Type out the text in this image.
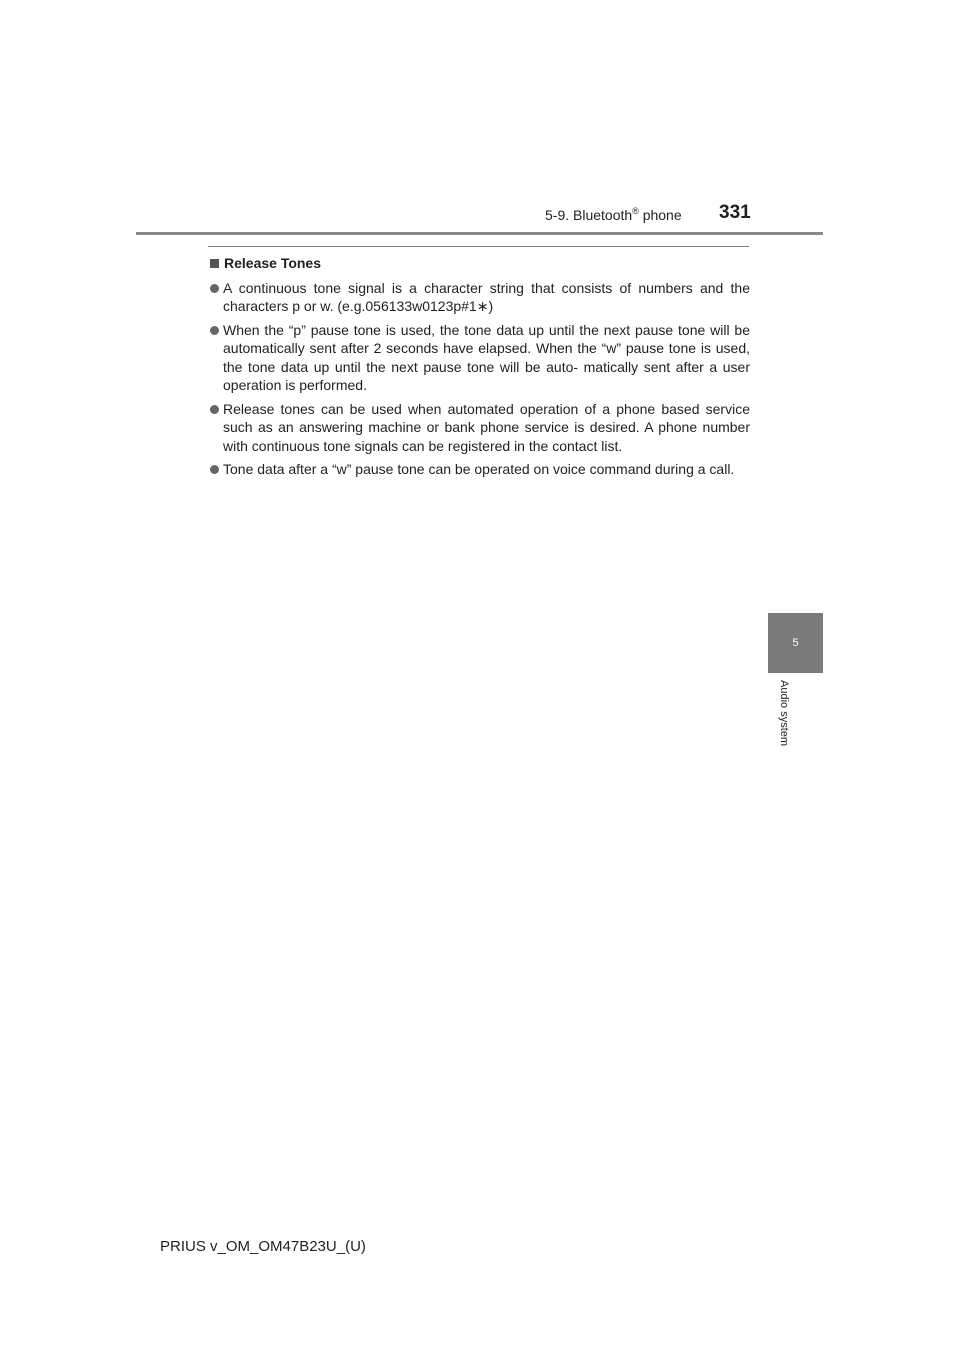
5-9. Bluetooth® phone 331
Release Tones
A continuous tone signal is a character string that consists of numbers and the characters p or w. (e.g.056133w0123p#1∗)
When the “p” pause tone is used, the tone data up until the next pause tone will be automatically sent after 2 seconds have elapsed. When the “w” pause tone is used, the tone data up until the next pause tone will be auto- matically sent after a user operation is performed.
Release tones can be used when automated operation of a phone based service such as an answering machine or bank phone service is desired. A phone number with continuous tone signals can be registered in the contact list.
Tone data after a “w” pause tone can be operated on voice command during a call.
5
Audio system
PRIUS v_OM_OM47B23U_(U)
